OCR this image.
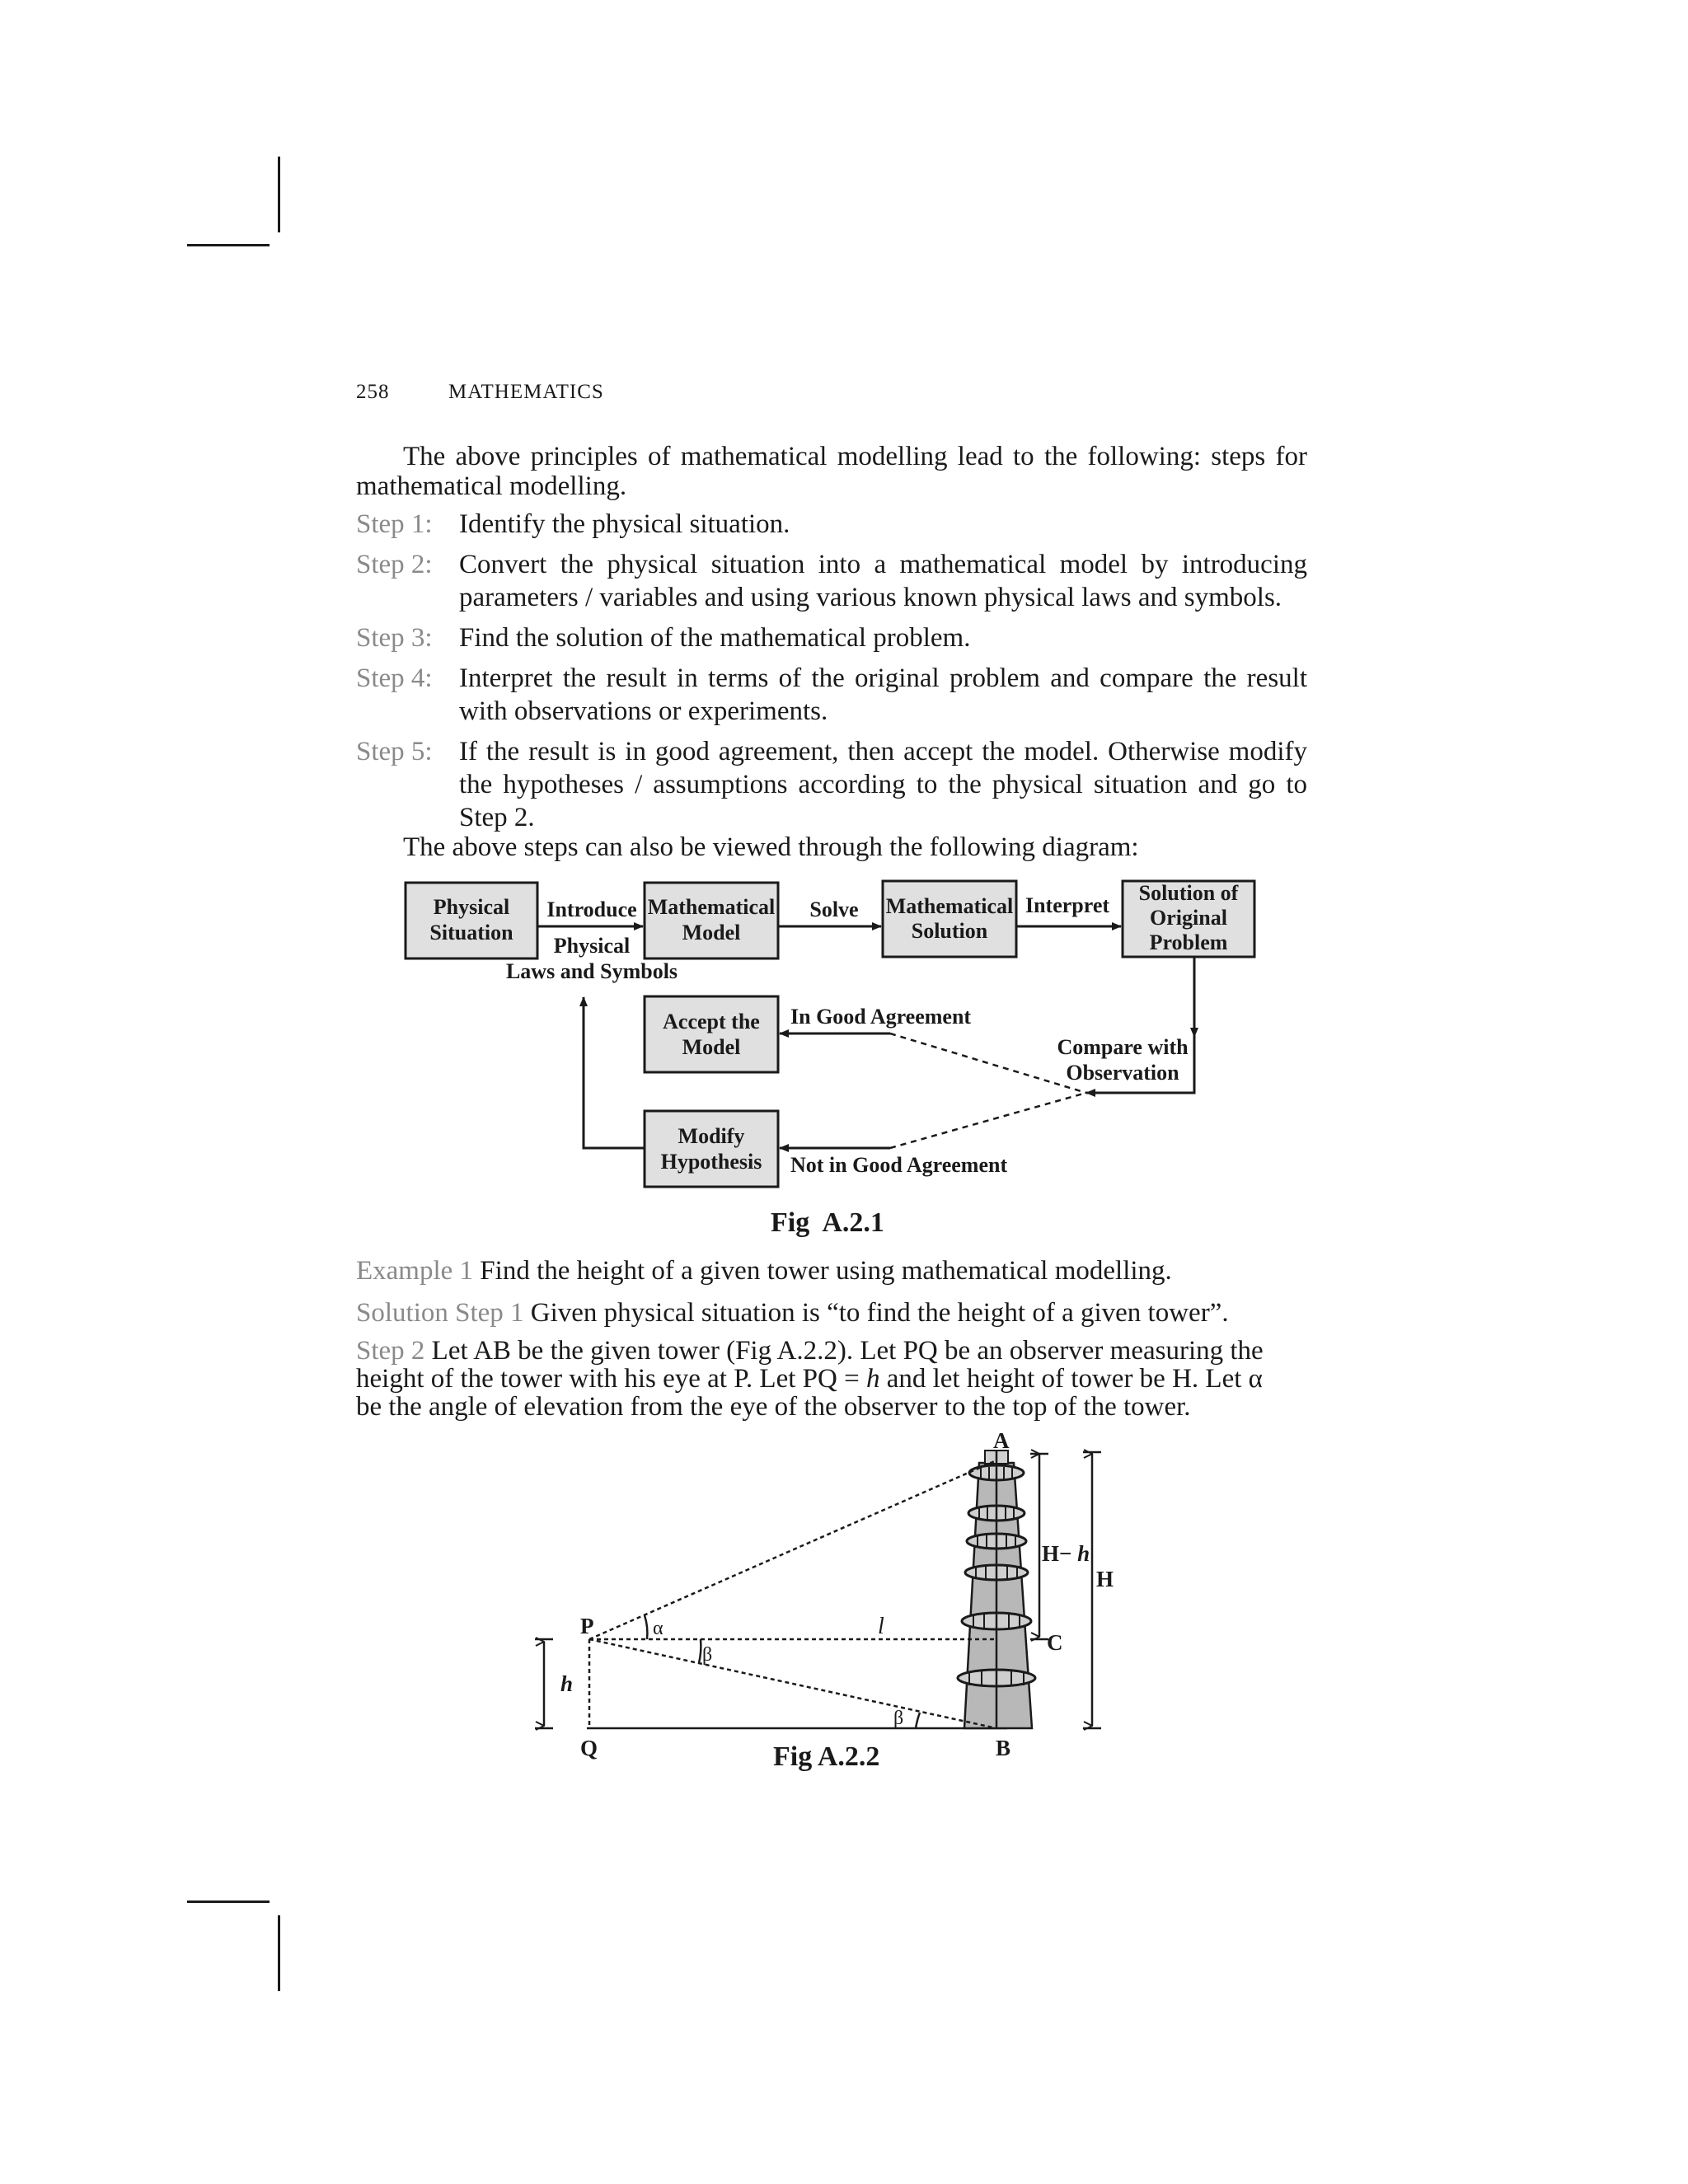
258	MATHEMATICS
The above principles of mathematical modelling lead to the following: steps for mathematical modelling.
Step 1: Identify the physical situation.
Step 2: Convert the physical situation into a mathematical model by introducing parameters / variables and using various known physical laws and symbols.
Step 3: Find the solution of the mathematical problem.
Step 4: Interpret the result in terms of the original problem and compare the result with observations or experiments.
Step 5: If the result is in good agreement, then accept the model. Otherwise modify the hypotheses / assumptions according to the physical situation and go to Step 2.
The above steps can also be viewed through the following diagram:
Physical
Situation
Mathematical
Model
Mathematical
Solution
Solution of
Original
Problem
Accept the
Model
Modify
Hypothesis
Introduce
Physical
Laws and Symbols
Solve	Interpret
Compare with
Observation
In Good Agreement
Not in Good Agreement
Fig  A.2.1
Example 1 Find the height of a given tower using mathematical modelling.
Solution Step 1 Given physical situation is “to find the height of a given tower”.
Step 2 Let AB be the given tower (Fig A.2.2). Let PQ be an observer measuring the
height of the tower with his eye at P. Let PQ = h and let height of tower be H. Let α
be the angle of elevation from the eye of the observer to the top of the tower.
A
B
C
P
Q
H
H− h
h
α
β
β
l
Fig A.2.2
